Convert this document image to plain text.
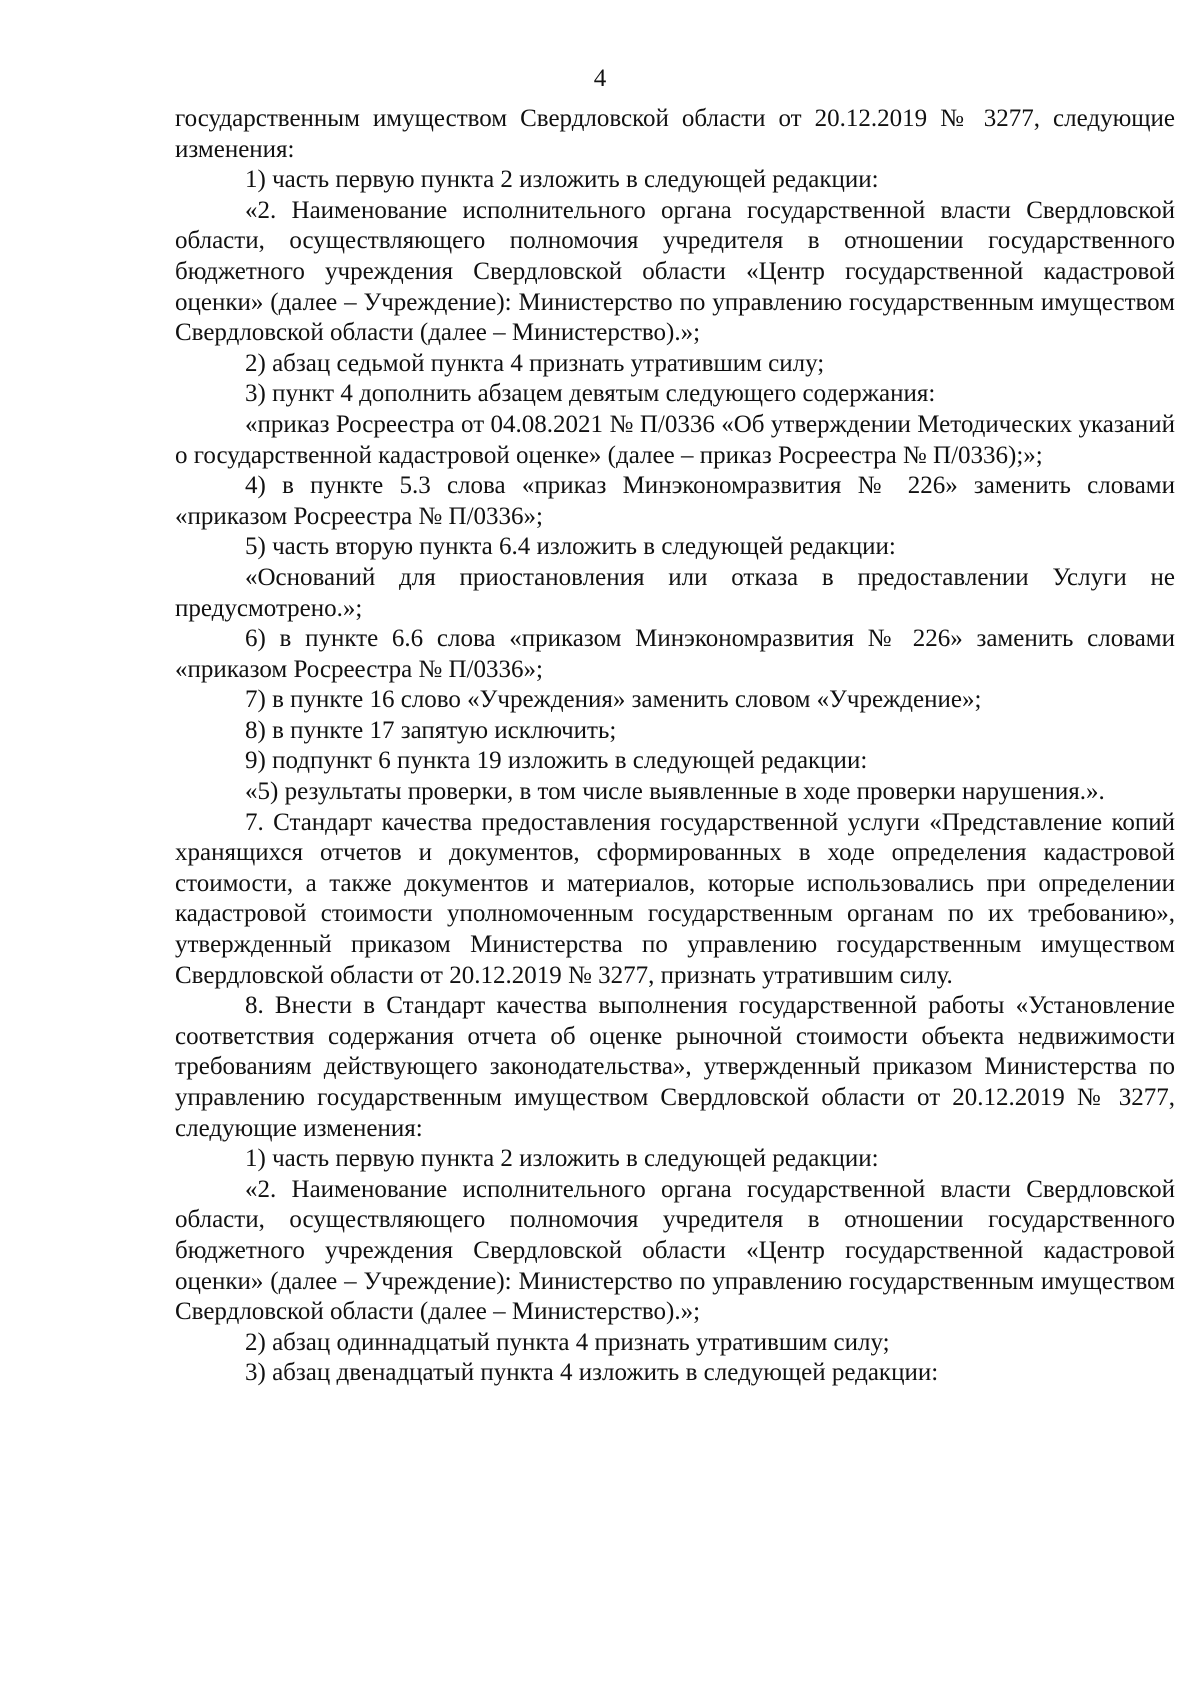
4

государственным имуществом Свердловской области от 20.12.2019 № 3277, следующие изменения:

1) часть первую пункта 2 изложить в следующей редакции:

«2. Наименование исполнительного органа государственной власти Свердловской области, осуществляющего полномочия учредителя в отношении государственного бюджетного учреждения Свердловской области «Центр государственной кадастровой оценки» (далее – Учреждение): Министерство по управлению государственным имуществом Свердловской области (далее – Министерство).»;

2) абзац седьмой пункта 4 признать утратившим силу;

3) пункт 4 дополнить абзацем девятым следующего содержания:

«приказ Росреестра от 04.08.2021 № П/0336 «Об утверждении Методических указаний о государственной кадастровой оценке» (далее – приказ Росреестра № П/0336);»;

4) в пункте 5.3 слова «приказ Минэкономразвития № 226» заменить словами «приказом Росреестра № П/0336»;

5) часть вторую пункта 6.4 изложить в следующей редакции:

«Оснований для приостановления или отказа в предоставлении Услуги не предусмотрено.»;

6) в пункте 6.6 слова «приказом Минэкономразвития № 226» заменить словами «приказом Росреестра № П/0336»;

7) в пункте 16 слово «Учреждения» заменить словом «Учреждение»;

8) в пункте 17 запятую исключить;

9) подпункт 6 пункта 19 изложить в следующей редакции:

«5) результаты проверки, в том числе выявленные в ходе проверки нарушения.».

7. Стандарт качества предоставления государственной услуги «Представление копий хранящихся отчетов и документов, сформированных в ходе определения кадастровой стоимости, а также документов и материалов, которые использовались при определении кадастровой стоимости уполномоченным государственным органам по их требованию», утвержденный приказом Министерства по управлению государственным имуществом Свердловской области от 20.12.2019 № 3277, признать утратившим силу.

8. Внести в Стандарт качества выполнения государственной работы «Установление соответствия содержания отчета об оценке рыночной стоимости объекта недвижимости требованиям действующего законодательства», утвержденный приказом Министерства по управлению государственным имуществом Свердловской области от 20.12.2019 № 3277, следующие изменения:

1) часть первую пункта 2 изложить в следующей редакции:

«2. Наименование исполнительного органа государственной власти Свердловской области, осуществляющего полномочия учредителя в отношении государственного бюджетного учреждения Свердловской области «Центр государственной кадастровой оценки» (далее – Учреждение): Министерство по управлению государственным имуществом Свердловской области (далее – Министерство).»;

2) абзац одиннадцатый пункта 4 признать утратившим силу;

3) абзац двенадцатый пункта 4 изложить в следующей редакции:
